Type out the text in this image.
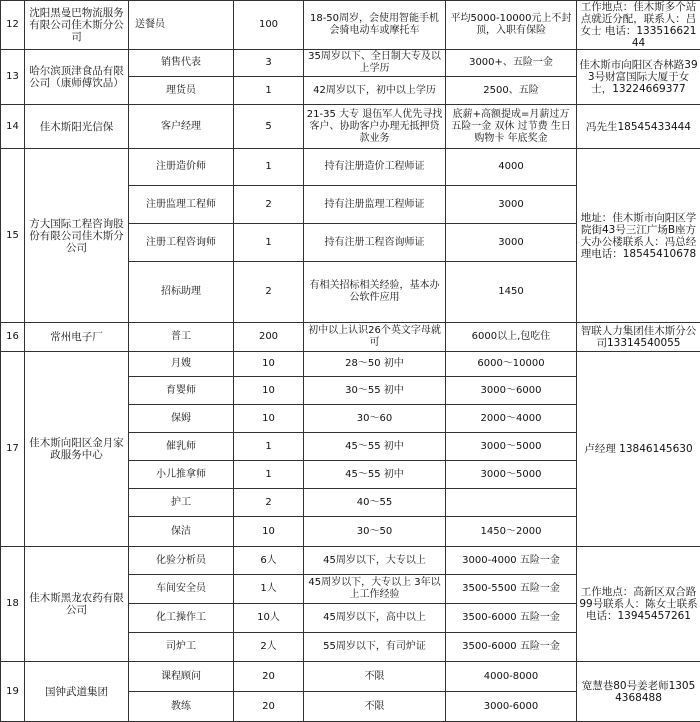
12	沈阳黑曼巴物流服务有限公司佳木斯分公司	送餐员	100	18-50周岁，会使用智能手机会骑电动车或摩托车	平均5000-10000元上不封顶，入职有保险	工作地点：佳木斯多个站点就近分配，联系人：吕女士 电话：13351662144
13	哈尔滨顶津食品有限公司（康师傅饮品）	销售代表	3	35周岁以下、全日制大专及以上学历	3000+、五险一金	佳木斯市向阳区杏林路393号财富国际大厦于女士，13224669377
		理货员	1	42周岁以下，初中以上学历	2500、五险	
14	佳木斯阳光信保	客户经理	5	21-35 大专 退伍军人优先寻找客户、协助客户办理无抵押贷款业务	底薪+高额提成=月薪过万五险一金 双休 过节费 生日购物卡 年底奖金	冯先生18545433444
15	方大国际工程咨询股份有限公司佳木斯分公司	注册造价师	1	持有注册造价工程师证	4000	地址：佳木斯市向阳区学院街43号三江广场B座方大办公楼联系人：冯总经理电话：18545410678
		注册监理工程师	2	持有注册监理工程师证	3000	
		注册工程咨询师	1	持有注册工程咨询师证	3000	
		招标助理	2	有相关招标相关经验，基本办公软件应用	1450	
16	常州电子厂	普工	200	初中以上认识26个英文字母就可	6000以上,包吃住	智联人力集团佳木斯分公司13314540055
17	佳木斯向阳区金月家政服务中心	月嫂	10	28～50 初中	6000～10000	卢经理 13846145630
		育婴师	10	30～55 初中	3000～6000	
		保姆	10	30～60	2000～4000	
		催乳师	1	45～55 初中	3000～5000	
		小儿推拿师	1	45～55 初中	3000～5000	
		护工	2	40～55		
		保洁	10	30～50	1450～2000	
18	佳木斯黑龙农药有限公司	化验分析员	6人	45周岁以下，大专以上	3000-4000 五险一金	工作地点：高新区双合路99号联系人：陈女士联系电话：13945457261
		车间安全员	1人	45周岁以下，大专以上 3年以上工作经验	3500-5500 五险一金	
		化工操作工	10人	45周岁以下，高中以上	3500-6000 五险一金	
		司炉工	2人	55周岁以下，有司炉证	3500-6000 五险一金	
19	国钟武道集团	课程顾问	20	不限	4000-8000	宽慧巷80号姜老师13054368488
		教练	20	不限	3000-6000	
